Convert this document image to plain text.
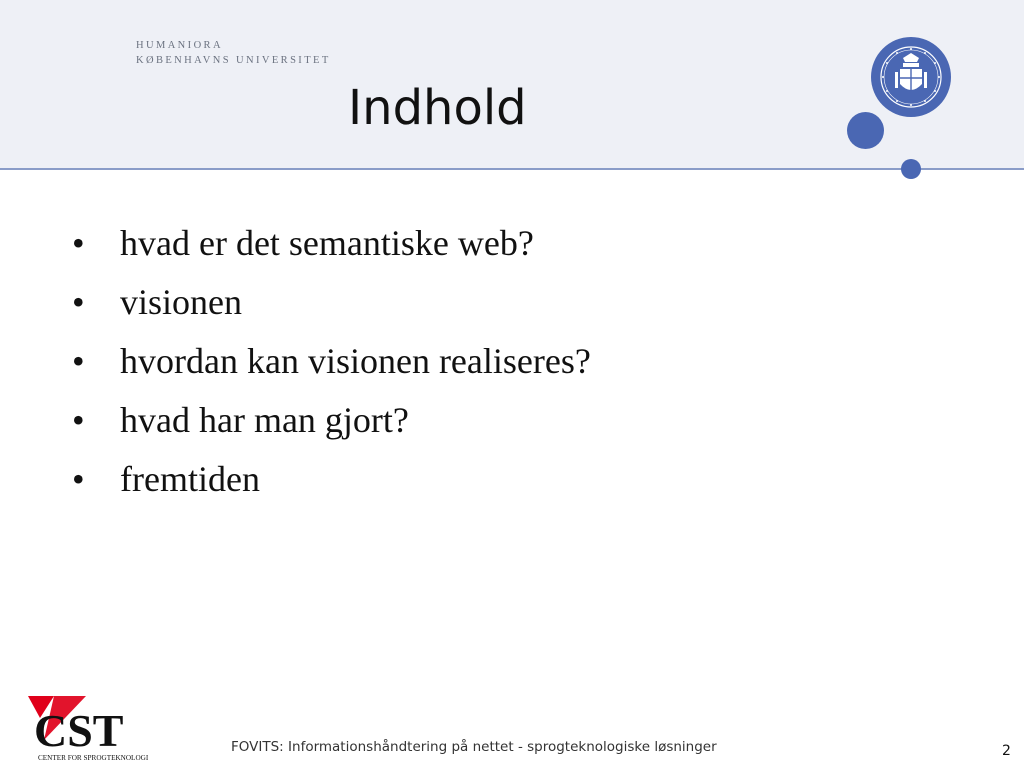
HUMANIORA
KØBENHAVNS UNIVERSITET
Indhold
• hvad er det semantiske web?
• visionen
• hvordan kan visionen realiseres?
• hvad har man gjort?
• fremtiden
CST
CENTER FOR SPROGTEKNOLOGI
FOVITS: Informationshåndtering på nettet - sprogteknologiske løsninger	2
